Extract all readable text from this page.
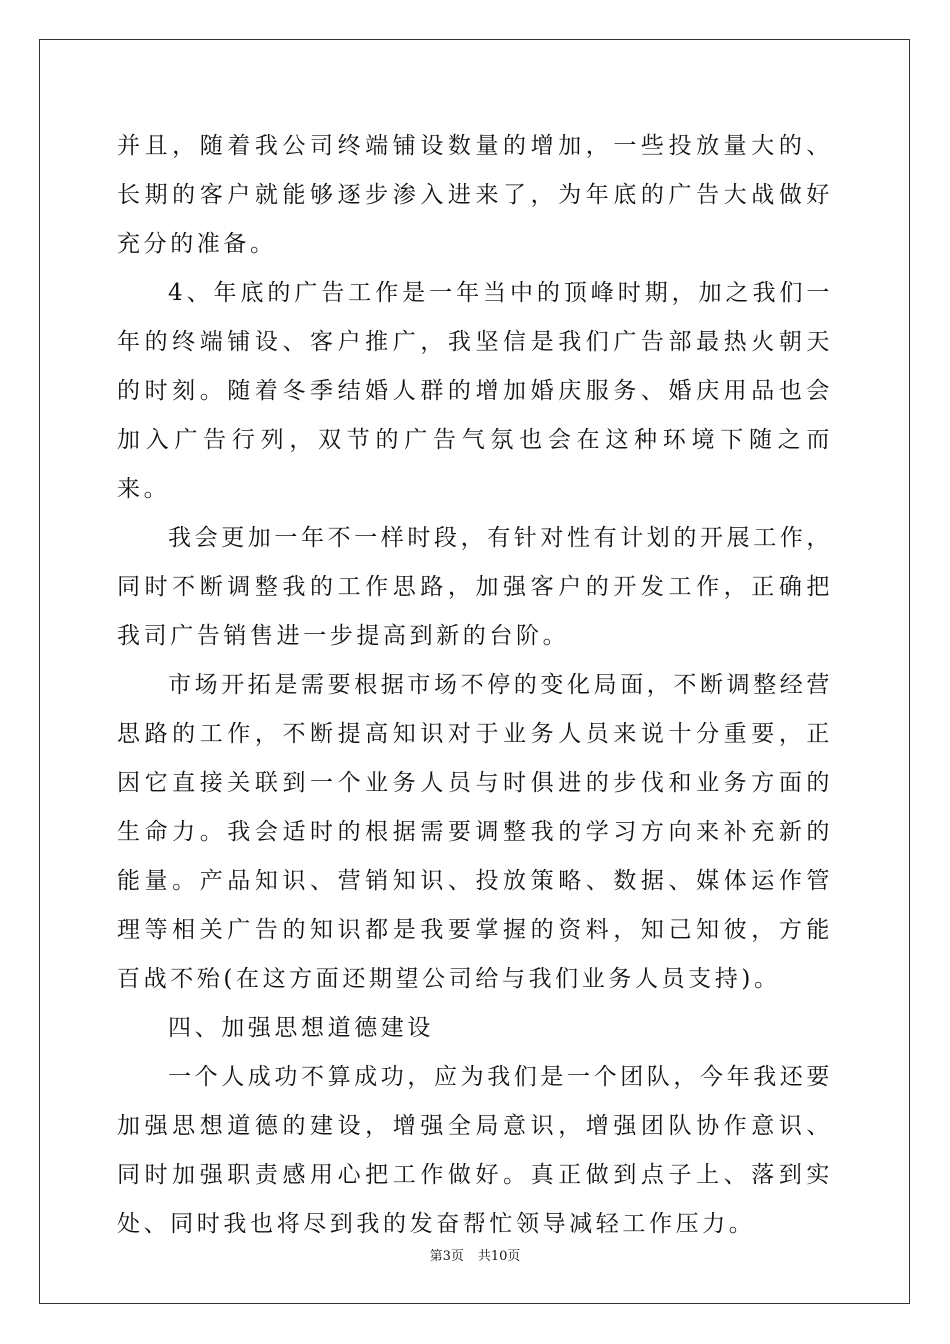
并且，随着我公司终端铺设数量的增加，一些投放量大的、长期的客户就能够逐步渗入进来了，为年底的广告大战做好充分的准备。

4、年底的广告工作是一年当中的顶峰时期，加之我们一年的终端铺设、客户推广，我坚信是我们广告部最热火朝天的时刻。随着冬季结婚人群的增加婚庆服务、婚庆用品也会加入广告行列，双节的广告气氛也会在这种环境下随之而来。

我会更加一年不一样时段，有针对性有计划的开展工作，同时不断调整我的工作思路，加强客户的开发工作，正确把我司广告销售进一步提高到新的台阶。

市场开拓是需要根据市场不停的变化局面，不断调整经营思路的工作，不断提高知识对于业务人员来说十分重要，正因它直接关联到一个业务人员与时俱进的步伐和业务方面的生命力。我会适时的根据需要调整我的学习方向来补充新的能量。产品知识、营销知识、投放策略、数据、媒体运作管理等相关广告的知识都是我要掌握的资料，知己知彼，方能百战不殆(在这方面还期望公司给与我们业务人员支持)。

四、加强思想道德建设

一个人成功不算成功，应为我们是一个团队，今年我还要加强思想道德的建设，增强全局意识，增强团队协作意识、同时加强职责感用心把工作做好。真正做到点子上、落到实处、同时我也将尽到我的发奋帮忙领导减轻工作压力。

第3页 共10页
